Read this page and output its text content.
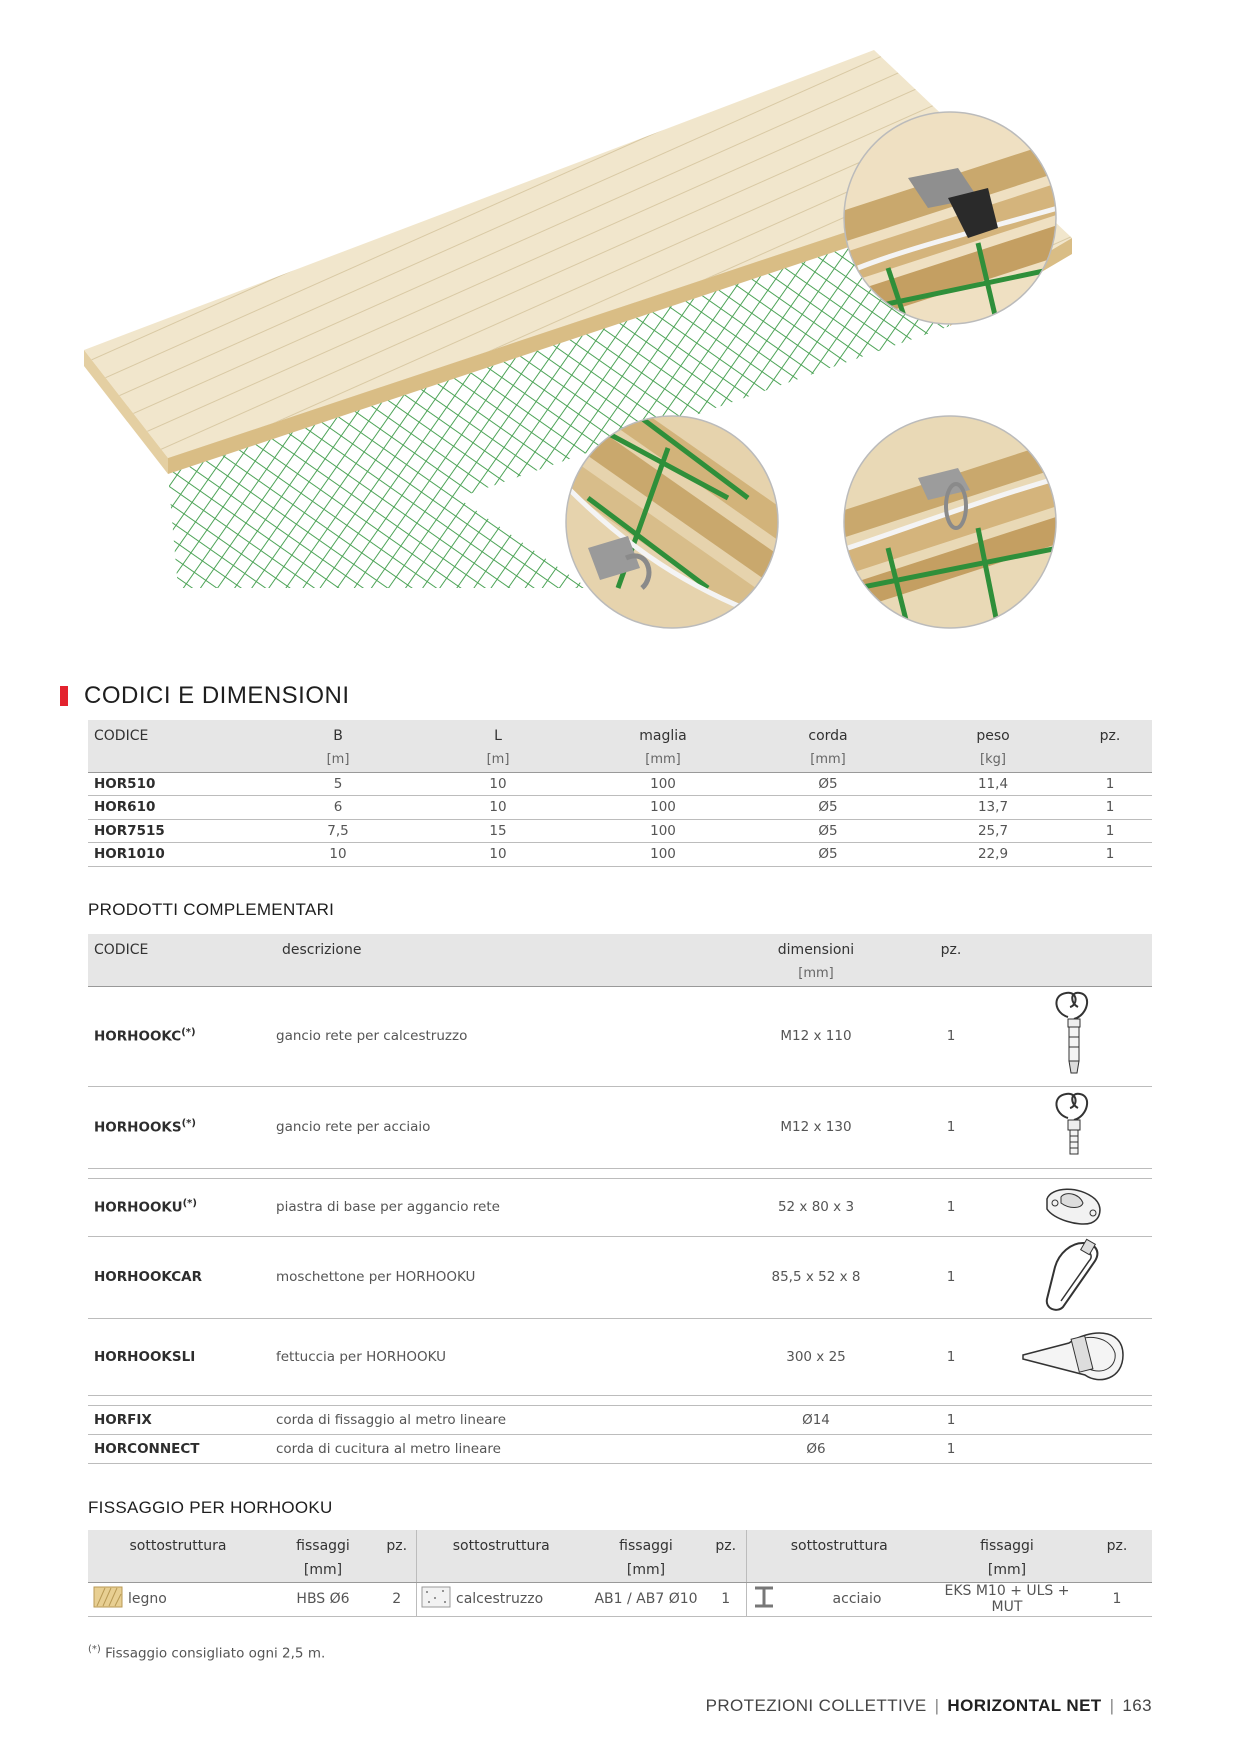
CODICI E DIMENSIONI
CODICE	B	L	maglia	corda	peso	pz.
	[m]	[m]	[mm]	[mm]	[kg]	
HOR510	5	10	100	Ø5	11,4	1
HOR610	6	10	100	Ø5	13,7	1
HOR7515	7,5	15	100	Ø5	25,7	1
HOR1010	10	10	100	Ø5	22,9	1
PRODOTTI COMPLEMENTARI
CODICE	descrizione	dimensioni	pz.	
		[mm]		
HORHOOKC(*)	gancio rete per calcestruzzo	M12 x 110	1	
HORHOOKS(*)	gancio rete per acciaio	M12 x 130	1	

HORHOOKU(*)	piastra di base per aggancio rete	52 x 80 x 3	1	
HORHOOKCAR	moschettone per HORHOOKU	85,5 x 52 x 8	1	
HORHOOKSLI	fettuccia per HORHOOKU	300 x 25	1	

HORFIX	corda di fissaggio al metro lineare	Ø14	1	
HORCONNECT	corda di cucitura al metro lineare	Ø6	1	
FISSAGGIO PER HORHOOKU
sottostruttura		fissaggi	pz.	sottostruttura		fissaggi	pz.	sottostruttura		fissaggi	pz.
		[mm]				[mm]				[mm]	
	legno	HBS Ø6	2		calcestruzzo	AB1 / AB7 Ø10	1		acciaio	EKS M10 + ULS + MUT	1
(*) Fissaggio consigliato ogni 2,5 m.
PROTEZIONI COLLETTIVE | HORIZONTAL NET | 163
